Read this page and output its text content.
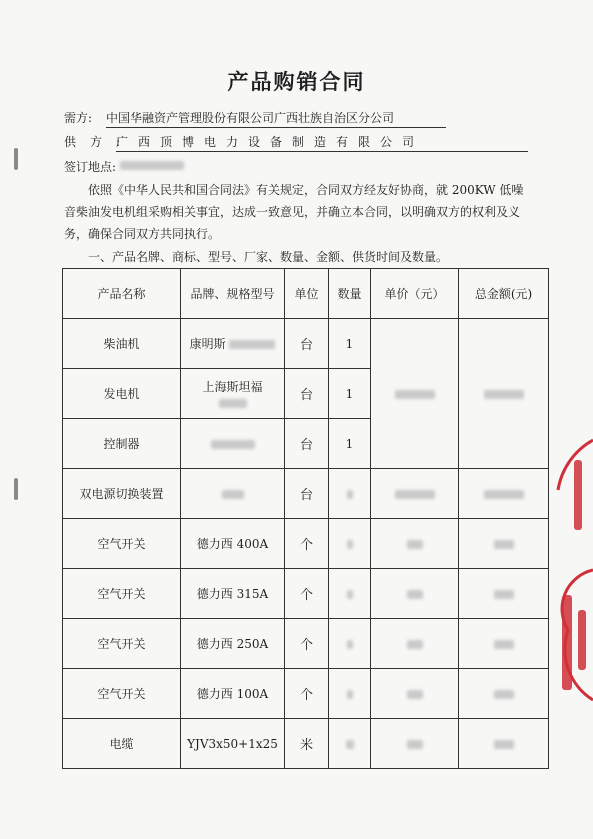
产品购销合同
需方: 中国华融资产管理股份有限公司广西壮族自治区分公司
供方:
广西顶博电力设备制造有限公司
签订地点:
依照《中华人民共和国合同法》有关规定，合同双方经友好协商，就 200KW 低噪音柴油发电机组采购相关事宜，达成一致意见，并确立本合同，以明确双方的权利及义务，确保合同双方共同执行。
一、产品名牌、商标、型号、厂家、数量、金额、供货时间及数量。
产品名称	品牌、规格型号	单位	数量	单价（元）	总金额(元)
柴油机	康明斯	台	1		
发电机	上海斯坦福	台	1		
控制器		台	1		
双电源切换装置		台			
空气开关	德力西 400A	个			
空气开关	德力西 315A	个			
空气开关	德力西 250A	个			
空气开关	德力西 100A	个			
电缆	YJV3x50+1x25	米			
